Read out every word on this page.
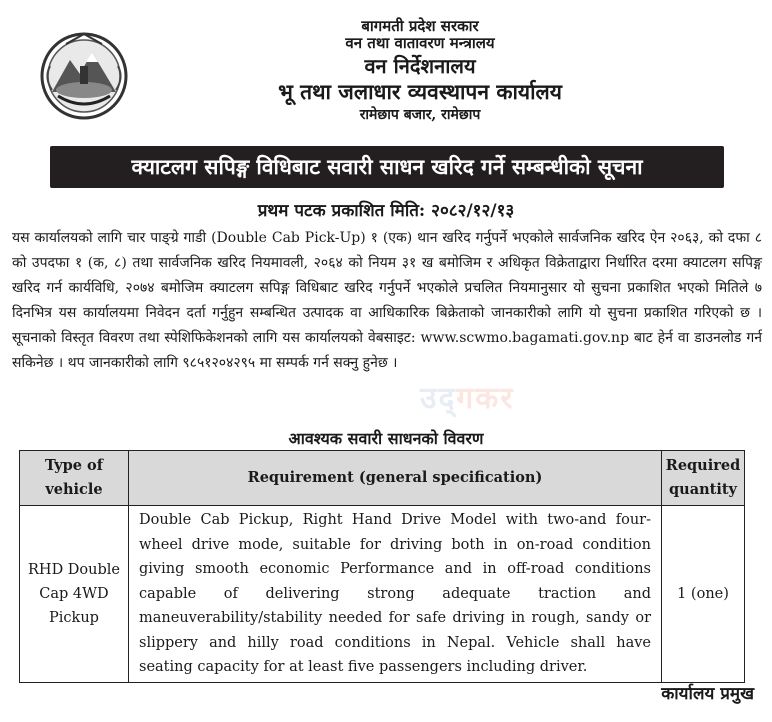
बागमती प्रदेश सरकार
वन तथा वातावरण मन्त्रालय
वन निर्देशनालय
भू तथा जलाधार व्यवस्थापन कार्यालय
रामेछाप बजार, रामेछाप
क्याटलग सपिङ्ग विधिबाट सवारी साधन खरिद गर्ने सम्बन्धीको सूचना
प्रथम पटक प्रकाशित मिति: २०८२/१२/१३
यस कार्यालयको लागि चार पाङ्ग्रे गाडी (Double Cab Pick-Up) १ (एक) थान खरिद गर्नुपर्ने भएकोले सार्वजनिक खरिद ऐन २०६३, को दफा ८ को उपदफा १ (क, ८) तथा सार्वजनिक खरिद नियमावली, २०६४ को नियम ३१ ख बमोजिम र अधिकृत विक्रेताद्वारा निर्धारित दरमा क्याटलग सपिङ्ग खरिद गर्न कार्यविधि, २०७४ बमोजिम क्याटलग सपिङ्ग विधिबाट खरिद गर्नुपर्ने भएकोले प्रचलित नियमानुसार यो सुचना प्रकाशित भएको मितिले ७ दिनभित्र यस कार्यालयमा निवेदन दर्ता गर्नुहुन सम्बन्धित उत्पादक वा आधिकारिक बिक्रेताको जानकारीको लागि यो सुचना प्रकाशित गरिएको छ । सूचनाको विस्तृत विवरण तथा स्पेशिफिकेशनको लागि यस कार्यालयको वेबसाइट: www.scwmo.bagamati.gov.np बाट हेर्न वा डाउनलोड गर्न सकिनेछ । थप जानकारीको लागि ९८५१२०४२९५ मा सम्पर्क गर्न सक्नु हुनेछ ।
उद्‍गकर
आवश्यक सवारी साधनको विवरण
Type of vehicle	Requirement (general specification)	Required quantity
RHD Double Cap 4WD Pickup	Double Cab Pickup, Right Hand Drive Model with two-and four-wheel drive mode, suitable for driving both in on-road condition giving smooth economic Performance and in off-road conditions capable of delivering strong adequate traction and maneuverability/stability needed for safe driving in rough, sandy or slippery and hilly road conditions in Nepal. Vehicle shall have seating capacity for at least five passengers including driver.	1 (one)
कार्यालय प्रमुख
